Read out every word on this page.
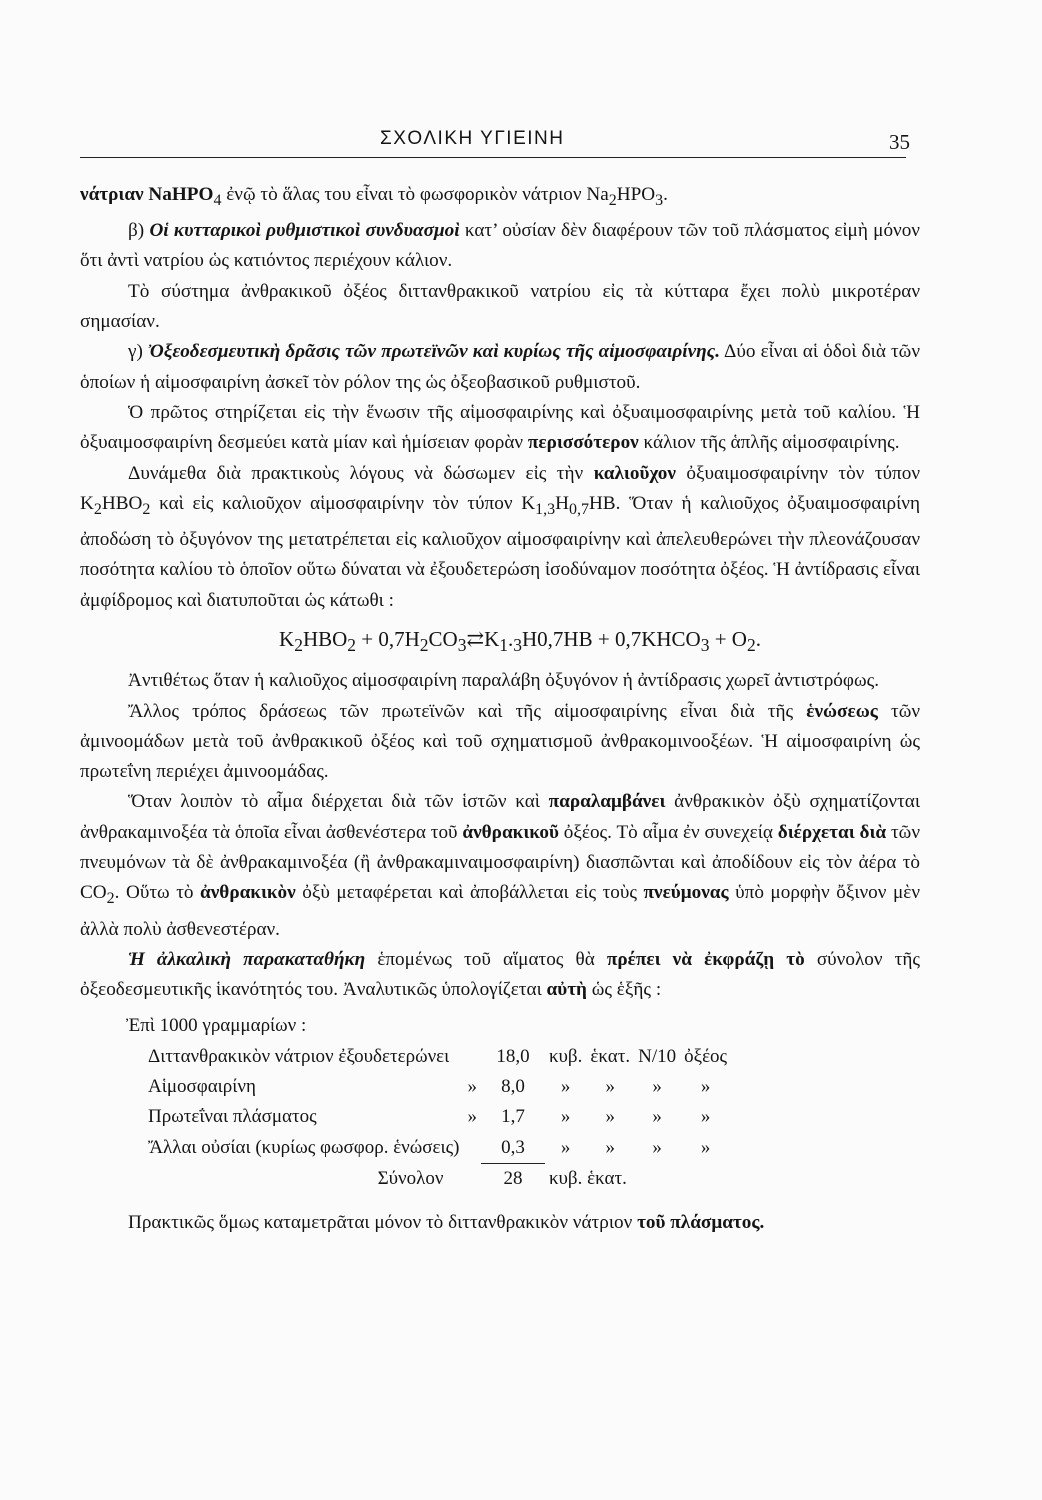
ΣΧΟΛΙΚΗ ΥΓΙΕΙΝΗ	35

νάτριαν NaHPO$_4$ ἐνῷ τὸ ἅλας του εἶναι τὸ φωσφορικὸν νάτριον $Na_2HPO_3$.

β) Οἱ κυτταρικοὶ ρυθμιστικοὶ συνδυασμοὶ κατ’ οὐσίαν δὲν διαφέρουν τῶν τοῦ πλάσματος εἰμὴ μόνον ὅτι ἀντὶ νατρίου ὡς κατιόντος περιέχουν κάλιον.

Τὸ σύστημα ἀνθρακικοῦ ὀξέος διττανθρακικοῦ νατρίου εἰς τὰ κύτταρα ἔχει πολὺ μικροτέραν σημασίαν.

γ) Ὀξεοδεσμευτικὴ δρᾶσις τῶν πρωτεϊνῶν καὶ κυρίως τῆς αἱμοσφαιρίνης. Δύο εἶναι αἱ ὁδοὶ διὰ τῶν ὁποίων ἡ αἱμοσφαιρίνη ἀσκεῖ τὸν ρόλον της ὡς ὀξεοβασικοῦ ρυθμιστοῦ.

Ὁ πρῶτος στηρίζεται εἰς τὴν ἕνωσιν τῆς αἱμοσφαιρίνης καὶ ὀξυαιμοσφαιρίνης μετὰ τοῦ καλίου. Ἡ ὀξυαιμοσφαιρίνη δεσμεύει κατὰ μίαν καὶ ἡμίσειαν φορὰν περισσότερον κάλιον τῆς ἁπλῆς αἱμοσφαιρίνης.

Δυνάμεθα διὰ πρακτικοὺς λόγους νὰ δώσωμεν εἰς τὴν καλιοῦχον ὀξυαιμοσφαιρίνην τὸν τύπον $K_2HBO_2$ καὶ εἰς καλιοῦχον αἱμοσφαιρίνην τὸν τύπον $K_{1,3}H_{0,7}HB$. Ὅταν ἡ καλιοῦχος ὀξυαιμοσφαιρίνη ἀποδώση τὸ ὀξυγόνον της μετατρέπεται εἰς καλιοῦχον αἱμοσφαιρίνην καὶ ἀπελευθερώνει τὴν πλεονάζουσαν ποσότητα καλίου τὸ ὁποῖον οὕτω δύναται νὰ ἐξουδετερώση ἰσοδύναμον ποσότητα ὀξέος. Ἡ ἀντίδρασις εἶναι ἀμφίδρομος καὶ διατυποῦται ὡς κάτωθι :

$K_2HBO_2$ + $0,7H_2CO_3⇄K_1._3H0,7HB$ + $0,7KHCO_3 + O_2$.

Ἀντιθέτως ὅταν ἡ καλιοῦχος αἱμοσφαιρίνη παραλάβη ὀξυγόνον ἡ ἀντίδρασις χωρεῖ ἀντιστρόφως.

Ἄλλος τρόπος δράσεως τῶν πρωτεϊνῶν καὶ τῆς αἱμοσφαιρίνης εἶναι διὰ τῆς ἑνώσεως τῶν ἀμινοομάδων μετὰ τοῦ ἀνθρακικοῦ ὀξέος καὶ τοῦ σχηματισμοῦ ἀνθρακομινοοξέων. Ἡ αἱμοσφαιρίνη ὡς πρωτεΐνη περιέχει ἀμινοομάδας.

Ὅταν λοιπὸν τὸ αἷμα διέρχεται διὰ τῶν ἱστῶν καὶ παραλαμβάνει ἀνθρακικὸν ὀξὺ σχηματίζονται ἀνθρακαμινοξέα τὰ ὁποῖα εἶναι ἀσθενέστερα τοῦ ἀνθρακικοῦ ὀξέος. Τὸ αἷμα ἐν συνεχείᾳ διέρχεται διὰ τῶν πνευμόνων τὰ δὲ ἀνθρακαμινοξέα (ἢ ἀνθρακαμιναιμοσφαιρίνη) διασπῶνται καὶ ἀποδίδουν εἰς τὸν ἀέρα τὸ $CO_2$. Οὕτω τὸ ἀνθρακικὸν ὀξὺ μεταφέρεται καὶ ἀποβάλλεται εἰς τοὺς πνεύμονας ὑπὸ μορφὴν ὄξινον μὲν ἀλλὰ πολὺ ἀσθενεστέραν.

Ἡ ἀλκαλικὴ παρακαταθήκη ἑπομένως τοῦ αἵματος θὰ πρέπει νὰ ἐκφράζῃ τὸ σύνολον τῆς ὀξεοδεσμευτικῆς ἱκανότητός του. Ἀναλυτικῶς ὑπολογίζεται αὐτὴ ὡς ἑξῆς :

Ἐπὶ 1000 γραμμαρίων :

Διττανθρακικὸν νάτριον ἐξουδετερώνει		18,0	κυβ.	ἑκατ.	N/10	ὀξέος
Αἱμοσφαιρίνη	»	8,0	»	»	»	»
Πρωτεΐναι πλάσματος	»	1,7	»	»	»	»
Ἄλλαι οὐσίαι (κυρίως φωσφορ. ἑνώσεις)		0,3	»	»	»	»
Σύνολον		28	κυβ. ἑκατ.			

Πρακτικῶς ὅμως καταμετρᾶται μόνον τὸ διττανθρακικὸν νάτριον τοῦ πλάσματος.
